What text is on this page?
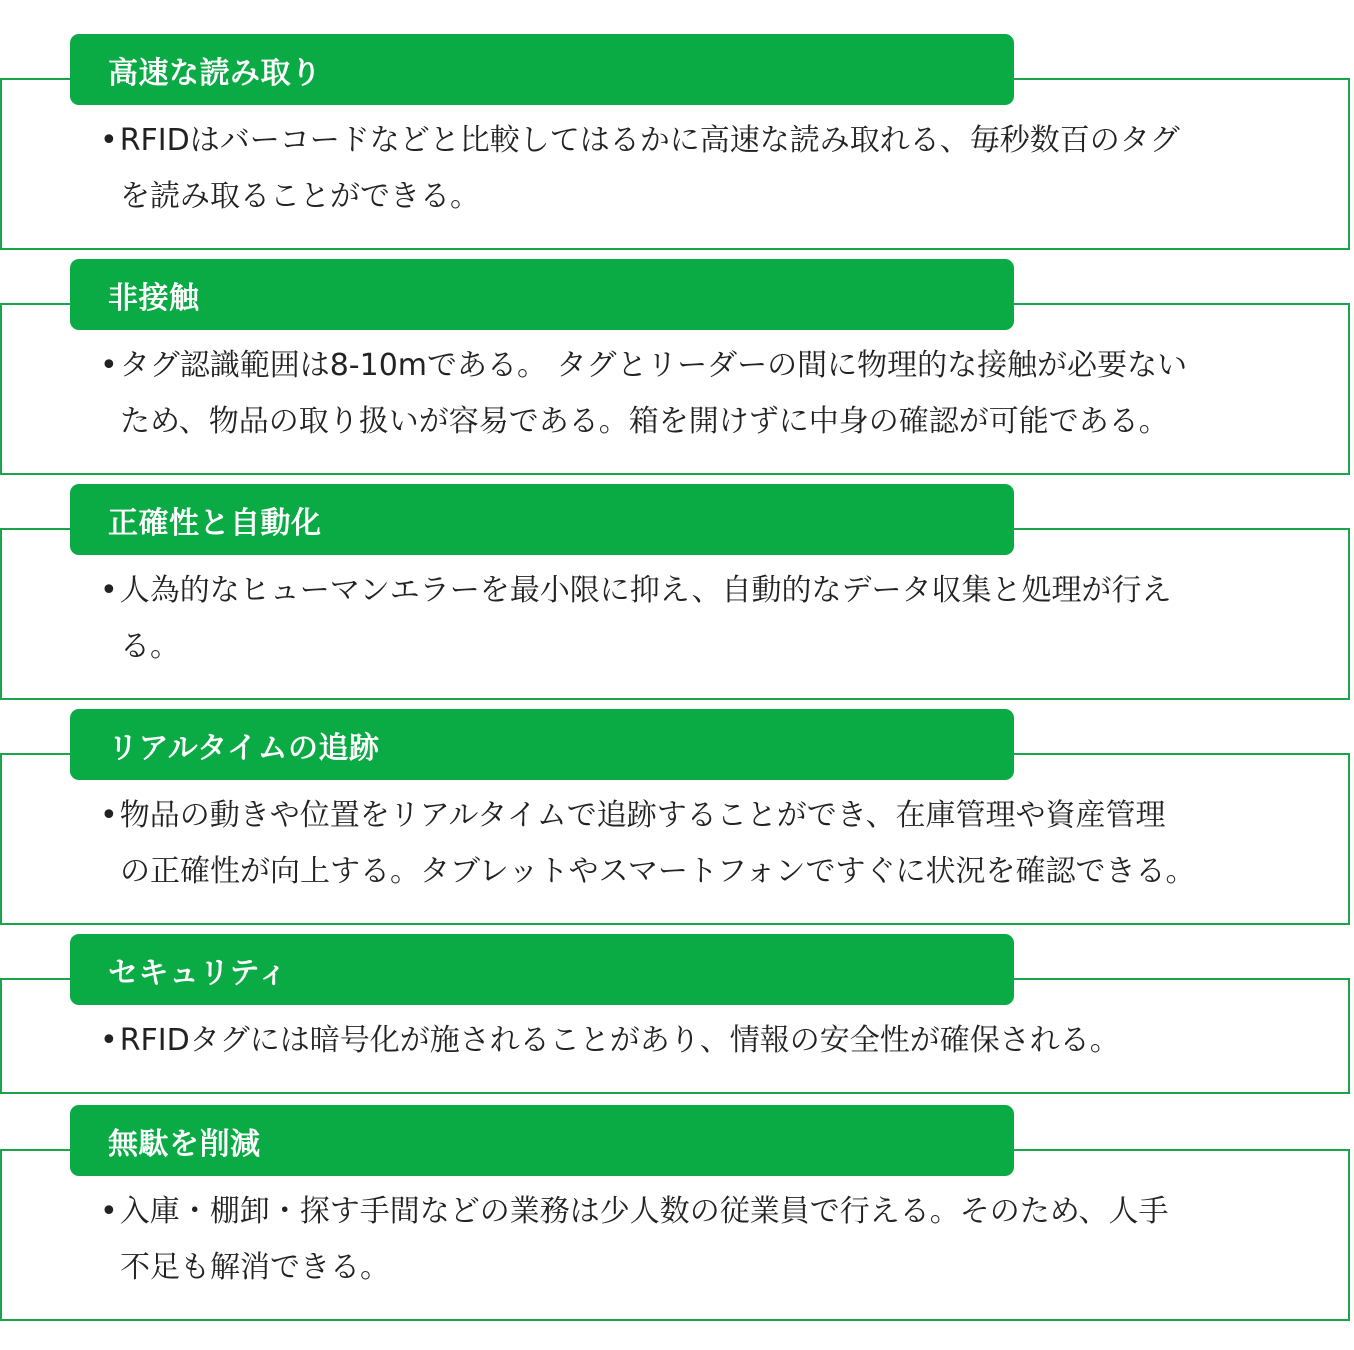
高速な読み取り
•RFIDはバーコードなどと比較してはるかに高速な読み取れる、毎秒数百のタグ
を読み取ることができる。
非接触
•タグ認識範囲は8-10mである。 タグとリーダーの間に物理的な接触が必要ない
ため、物品の取り扱いが容易である。箱を開けずに中身の確認が可能である。
正確性と自動化
•人為的なヒューマンエラーを最小限に抑え、自動的なデータ収集と処理が行え
る。
リアルタイムの追跡
•物品の動きや位置をリアルタイムで追跡することができ、在庫管理や資産管理
の正確性が向上する。タブレットやスマートフォンですぐに状況を確認できる。
セキュリティ
•RFIDタグには暗号化が施されることがあり、情報の安全性が確保される。
無駄を削減
•入庫・棚卸・探す手間などの業務は少人数の従業員で行える。そのため、人手
不足も解消できる。
